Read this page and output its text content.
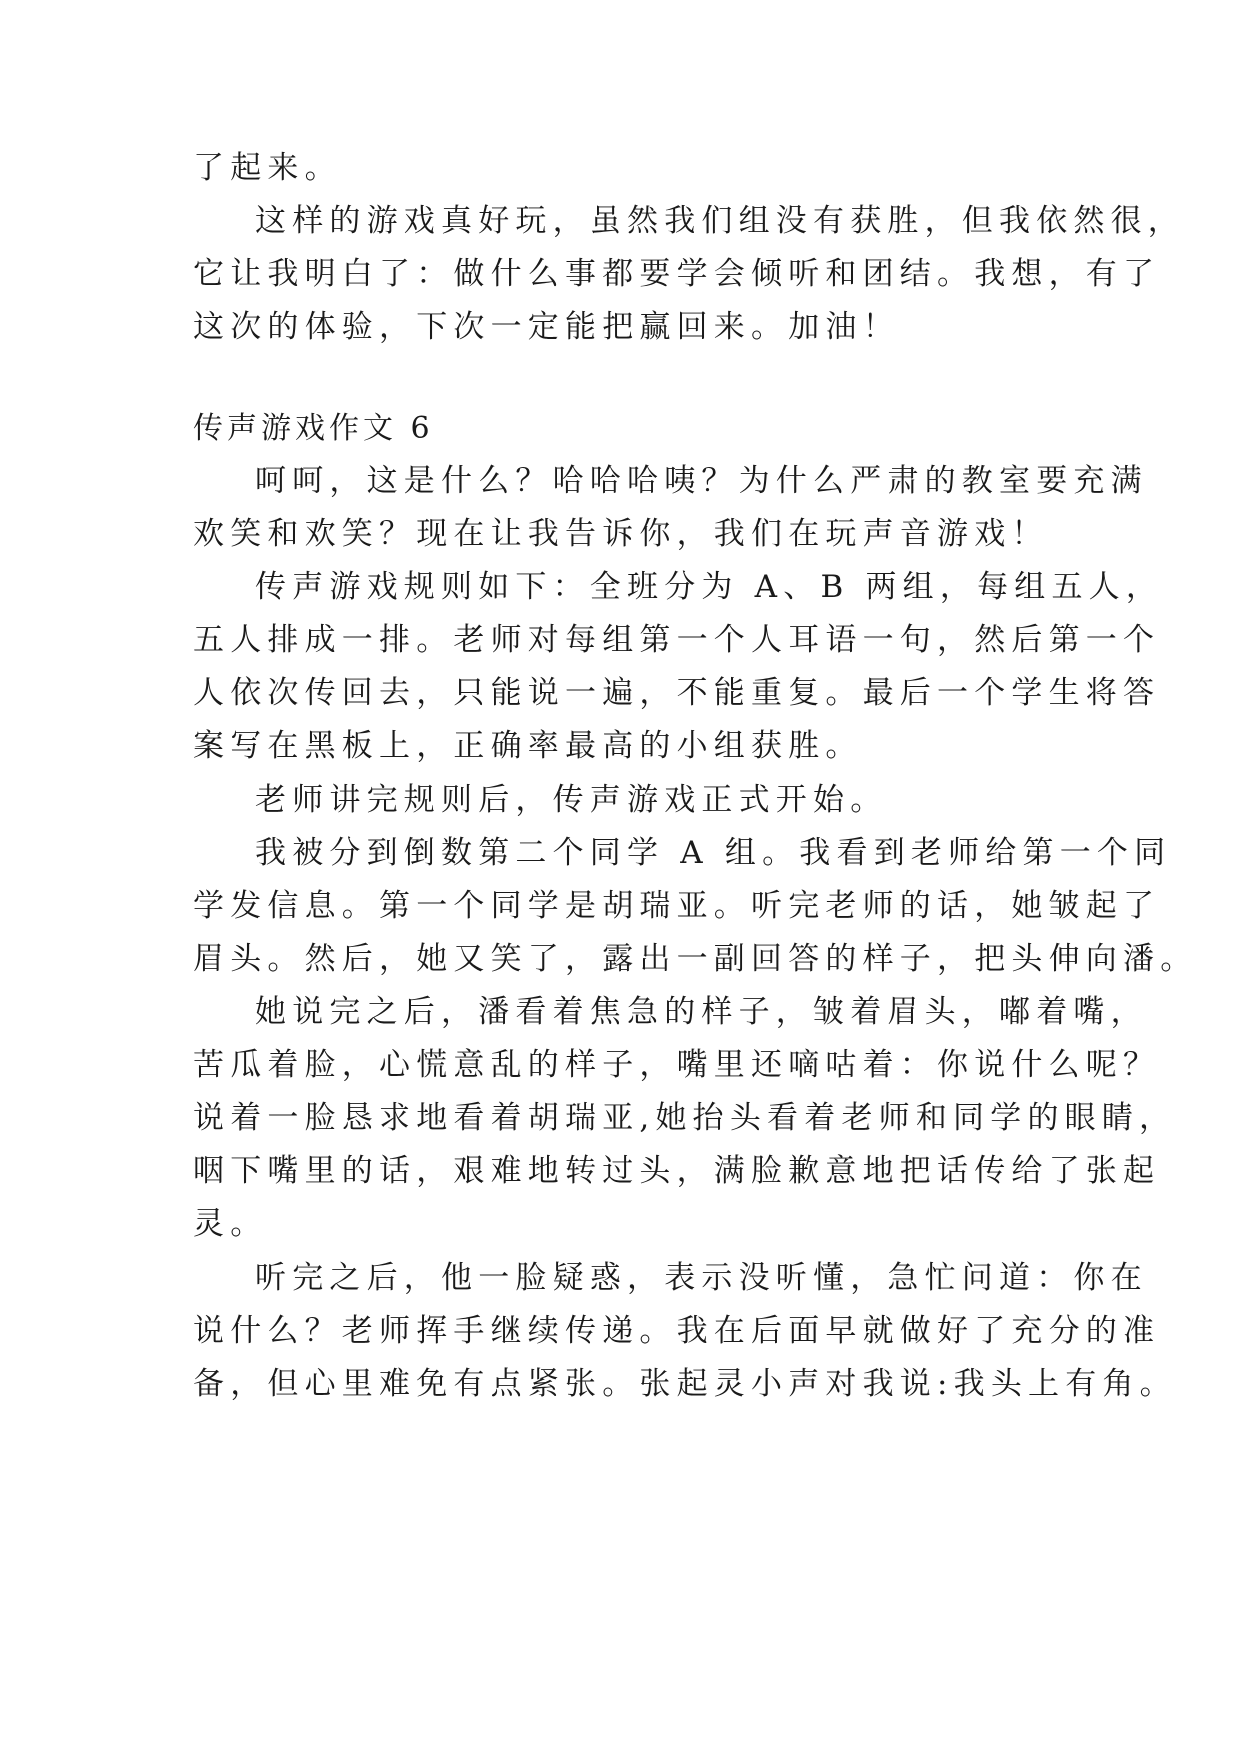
了起来。
这样的游戏真好玩，虽然我们组没有获胜，但我依然很，
它让我明白了：做什么事都要学会倾听和团结。我想，有了
这次的体验，下次一定能把赢回来。加油！
传声游戏作文 6
呵呵，这是什么？哈哈哈咦？为什么严肃的教室要充满
欢笑和欢笑？现在让我告诉你，我们在玩声音游戏！
传声游戏规则如下：全班分为 A、B 两组，每组五人，
五人排成一排。老师对每组第一个人耳语一句，然后第一个
人依次传回去，只能说一遍，不能重复。最后一个学生将答
案写在黑板上，正确率最高的小组获胜。
老师讲完规则后，传声游戏正式开始。
我被分到倒数第二个同学 A 组。我看到老师给第一个同
学发信息。第一个同学是胡瑞亚。听完老师的话，她皱起了
眉头。然后，她又笑了，露出一副回答的样子，把头伸向潘。
她说完之后，潘看着焦急的样子，皱着眉头，嘟着嘴，
苦瓜着脸，心慌意乱的样子，嘴里还嘀咕着：你说什么呢？
说着一脸恳求地看着胡瑞亚,她抬头看着老师和同学的眼睛，
咽下嘴里的话，艰难地转过头，满脸歉意地把话传给了张起
灵。
听完之后，他一脸疑惑，表示没听懂，急忙问道：你在
说什么？老师挥手继续传递。我在后面早就做好了充分的准
备，但心里难免有点紧张。张起灵小声对我说:我头上有角。
